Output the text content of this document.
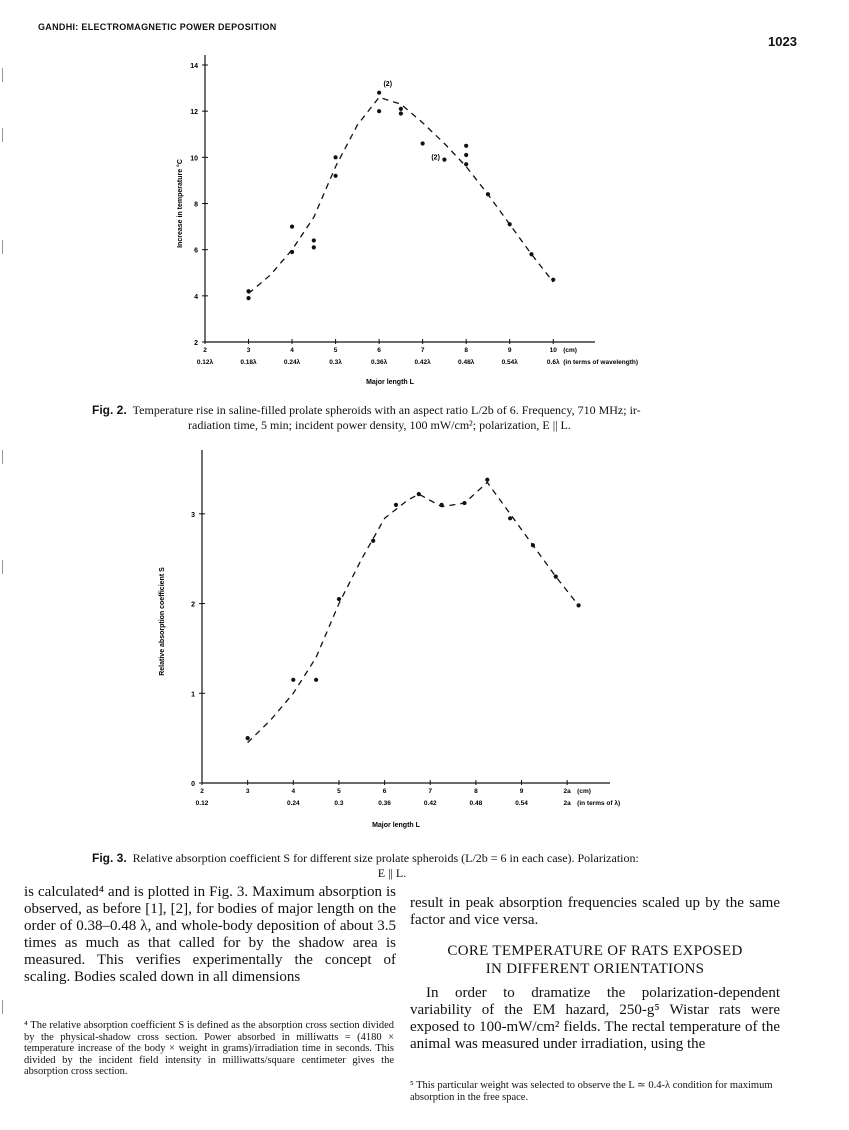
GANDHI: ELECTROMAGNETIC POWER DEPOSITION
1023
2
4
6
8
10
12
14
2
0.12λ
3
0.18λ
4
0.24λ
5
0.3λ
6
0.36λ
7
0.42λ
8
0.48λ
9
0.54λ
10
0.6λ
(cm)
(in terms of wavelength)
Major length L
Increase in temperature °C
(2)
(2)
Fig. 2. Temperature rise in saline-filled prolate spheroids with an aspect ratio L/2b of 6. Frequency, 710 MHz; ir-
radiation time, 5 min; incident power density, 100 mW/cm²; polarization, E || L.
0
1
2
3
2
0.12
3	4
0.24
5
0.3
6
0.36
7
0.42
8
0.48
9
0.54
2a
2a
(cm)
(in terms of λ)
Major length L
Relative absorption coefficient S
Fig. 3. Relative absorption coefficient S for different size prolate spheroids (L/2b = 6 in each case). Polarization:
E || L.
is calculated⁴ and is plotted in Fig. 3. Maximum absorption is observed, as before [1], [2], for bodies of major length on the order of 0.38–0.48 λ, and whole-body deposition of about 3.5 times as much as that called for by the shadow area is measured. This verifies experimentally the concept of scaling. Bodies scaled down in all dimensions
⁴ The relative absorption coefficient S is defined as the absorption cross section divided by the physical-shadow cross section. Power absorbed in milliwatts = (4180 × temperature increase of the body × weight in grams)/irradiation time in seconds. This divided by the incident field intensity in milliwatts/square centimeter gives the absorption cross section.
result in peak absorption frequencies scaled up by the same factor and vice versa.
CORE TEMPERATURE OF RATS EXPOSED
IN DIFFERENT ORIENTATIONS
In order to dramatize the polarization-dependent variability of the EM hazard, 250-g⁵ Wistar rats were exposed to 100-mW/cm² fields. The rectal temperature of the animal was measured under irradiation, using the
⁵ This particular weight was selected to observe the L ≃ 0.4-λ condition for maximum absorption in the free space.
